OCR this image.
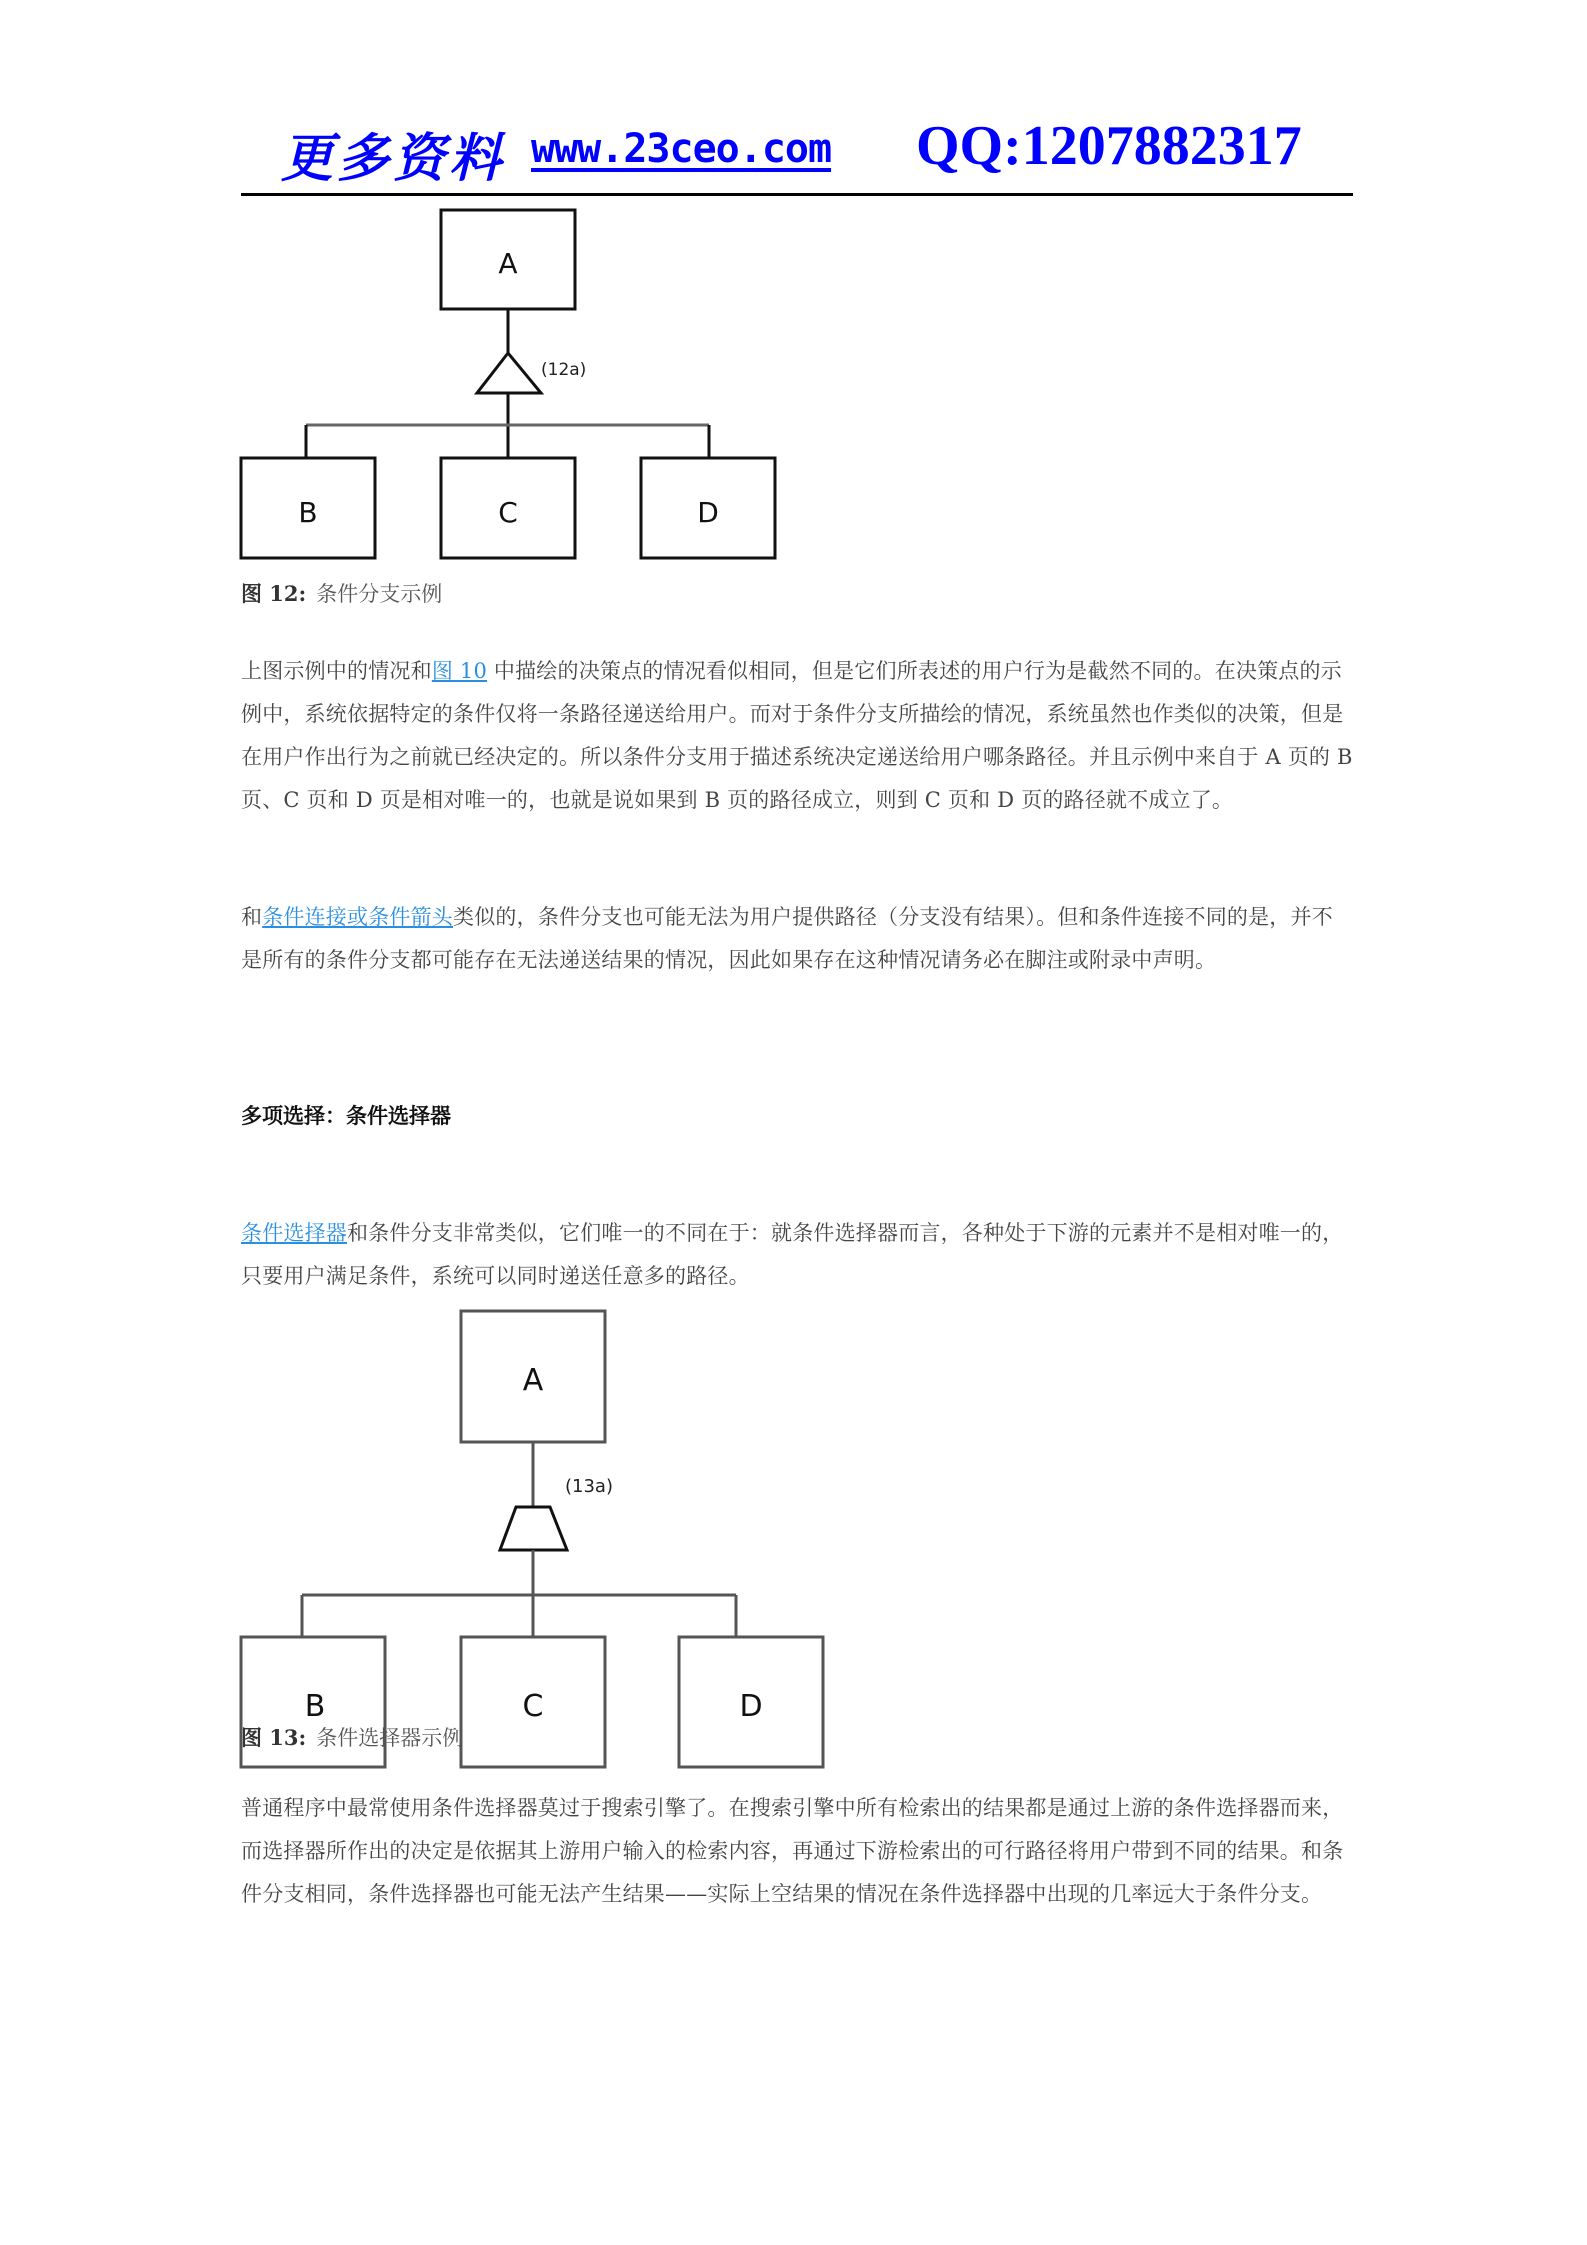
更多资料 www.23ceo.com QQ:1207882317
A
B	C	D
(12a)
图 12: 条件分支示例
上图示例中的情况和图 10 中描绘的决策点的情况看似相同，但是它们所表述的用户行为是截然不同的。在决策点的示例中，系统依据特定的条件仅将一条路径递送给用户。而对于条件分支所描绘的情况，系统虽然也作类似的决策，但是在用户作出行为之前就已经决定的。所以条件分支用于描述系统决定递送给用户哪条路径。并且示例中来自于 A 页的 B 页、C 页和 D 页是相对唯一的，也就是说如果到 B 页的路径成立，则到 C 页和 D 页的路径就不成立了。
和条件连接或条件箭头类似的，条件分支也可能无法为用户提供路径（分支没有结果）。但和条件连接不同的是，并不是所有的条件分支都可能存在无法递送结果的情况，因此如果存在这种情况请务必在脚注或附录中声明。
多项选择：条件选择器
条件选择器和条件分支非常类似，它们唯一的不同在于：就条件选择器而言，各种处于下游的元素并不是相对唯一的，只要用户满足条件，系统可以同时递送任意多的路径。
A
B	C	D
(13a)
图 13: 条件选择器示例
普通程序中最常使用条件选择器莫过于搜索引擎了。在搜索引擎中所有检索出的结果都是通过上游的条件选择器而来，而选择器所作出的决定是依据其上游用户输入的检索内容，再通过下游检索出的可行路径将用户带到不同的结果。和条件分支相同，条件选择器也可能无法产生结果——实际上空结果的情况在条件选择器中出现的几率远大于条件分支。
